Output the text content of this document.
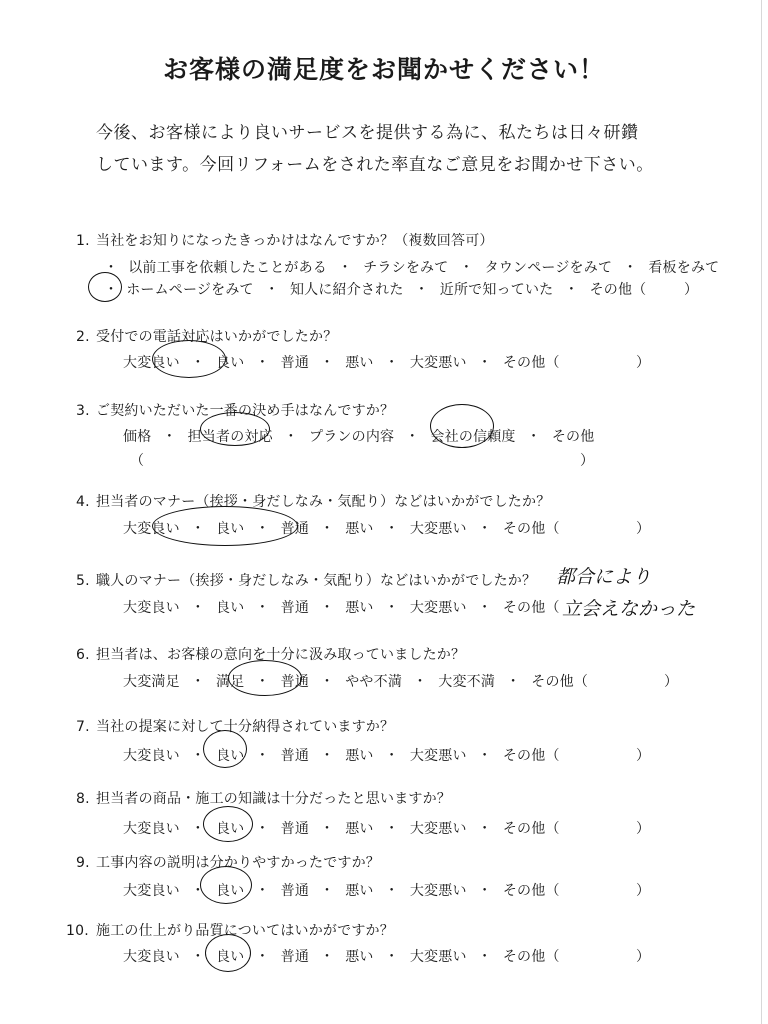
お客様の満足度をお聞かせください！
今後、お客様により良いサービスを提供する為に、私たちは日々研鑽
しています。今回リフォームをされた率直なご意見をお聞かせ下さい。
1. 当社をお知りになったきっかけはなんですか？（複数回答可）
・ 以前工事を依頼したことがある ・ チラシをみて ・ タウンページをみて ・ 看板をみて
・ ホームページをみて ・ 知人に紹介された ・ 近所で知っていた ・ その他（	）
2. 受付での電話対応はいかがでしたか？
大変良い ・ 良い ・ 普通 ・ 悪い ・ 大変悪い ・ その他（	）
3. ご契約いただいた一番の決め手はなんですか？
価格 ・ 担当者の対応 ・ プランの内容 ・ 会社の信頼度 ・ その他
（	）
4. 担当者のマナー（挨拶・身だしなみ・気配り）などはいかがでしたか？
大変良い ・ 良い ・ 普通 ・ 悪い ・ 大変悪い ・ その他（	）
5. 職人のマナー（挨拶・身だしなみ・気配り）などはいかがでしたか？
大変良い ・ 良い ・ 普通 ・ 悪い ・ 大変悪い ・ その他（
都合により
立会えなかった
6. 担当者は、お客様の意向を十分に汲み取っていましたか？
大変満足 ・ 満足 ・ 普通 ・ やや不満 ・ 大変不満 ・ その他（	）
7. 当社の提案に対して十分納得されていますか？
大変良い ・ 良い ・ 普通 ・ 悪い ・ 大変悪い ・ その他（	）
8. 担当者の商品・施工の知識は十分だったと思いますか？
大変良い ・ 良い ・ 普通 ・ 悪い ・ 大変悪い ・ その他（	）
9. 工事内容の説明は分かりやすかったですか？
大変良い ・ 良い ・ 普通 ・ 悪い ・ 大変悪い ・ その他（	）
10. 施工の仕上がり品質についてはいかがですか？
大変良い ・ 良い ・ 普通 ・ 悪い ・ 大変悪い ・ その他（	）
